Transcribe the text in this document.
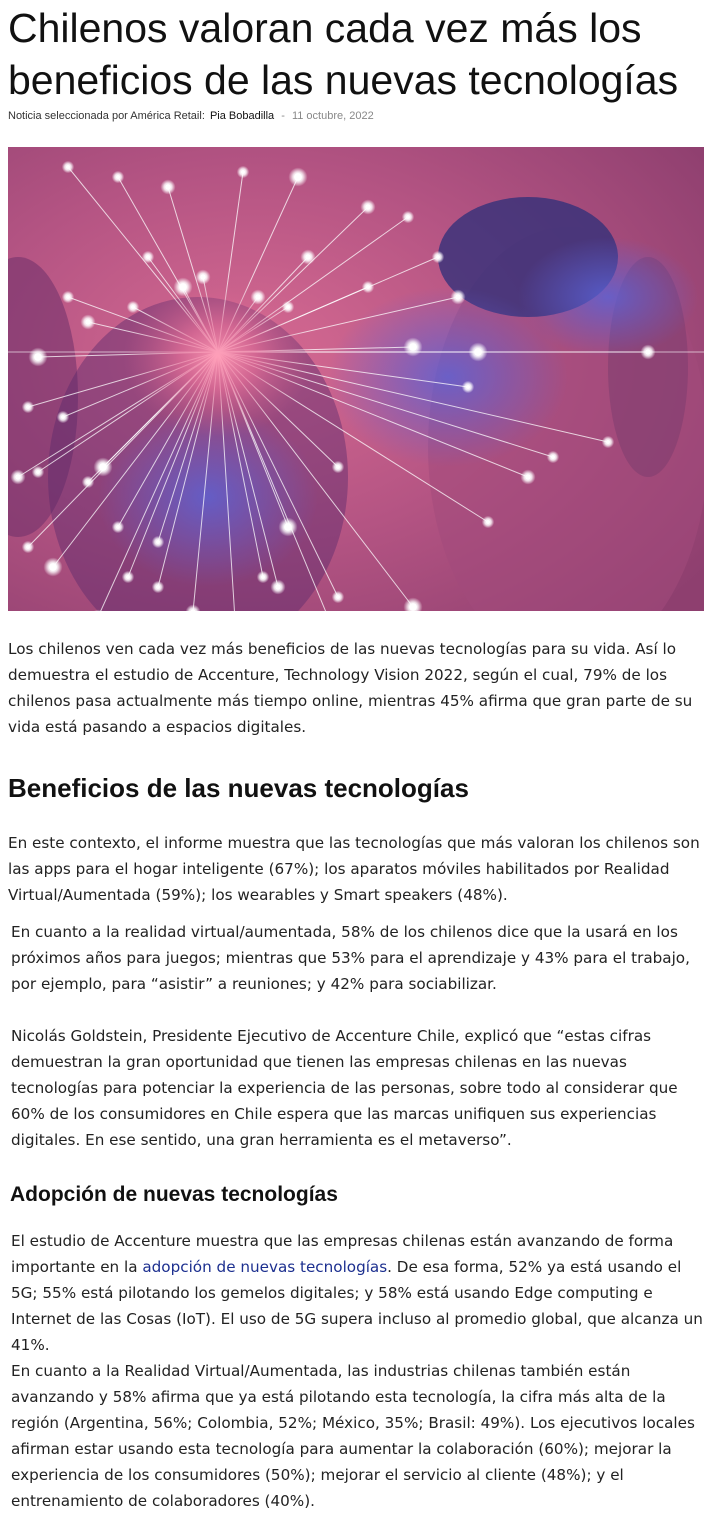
Chilenos valoran cada vez más los beneficios de las nuevas tecnologías
Noticia seleccionada por América Retail: Pia Bobadilla - 11 octubre, 2022

Los chilenos ven cada vez más beneficios de las nuevas tecnologías para su vida. Así lo demuestra el estudio de Accenture, Technology Vision 2022, según el cual, 79% de los chilenos pasa actualmente más tiempo online, mientras 45% afirma que gran parte de su vida está pasando a espacios digitales.

Beneficios de las nuevas tecnologías

En este contexto, el informe muestra que las tecnologías que más valoran los chilenos son las apps para el hogar inteligente (67%); los aparatos móviles habilitados por Realidad Virtual/Aumentada (59%); los wearables y Smart speakers (48%).

En cuanto a la realidad virtual/aumentada, 58% de los chilenos dice que la usará en los próximos años para juegos; mientras que 53% para el aprendizaje y 43% para el trabajo, por ejemplo, para “asistir” a reuniones; y 42% para sociabilizar.

Nicolás Goldstein, Presidente Ejecutivo de Accenture Chile, explicó que “estas cifras demuestran la gran oportunidad que tienen las empresas chilenas en las nuevas tecnologías para potenciar la experiencia de las personas, sobre todo al considerar que 60% de los consumidores en Chile espera que las marcas unifiquen sus experiencias digitales. En ese sentido, una gran herramienta es el metaverso”.

Adopción de nuevas tecnologías

El estudio de Accenture muestra que las empresas chilenas están avanzando de forma importante en la adopción de nuevas tecnologías. De esa forma, 52% ya está usando el 5G; 55% está pilotando los gemelos digitales; y 58% está usando Edge computing e Internet de las Cosas (IoT). El uso de 5G supera incluso al promedio global, que alcanza un 41%.

En cuanto a la Realidad Virtual/Aumentada, las industrias chilenas también están avanzando y 58% afirma que ya está pilotando esta tecnología, la cifra más alta de la región (Argentina, 56%; Colombia, 52%; México, 35%; Brasil: 49%). Los ejecutivos locales afirman estar usando esta tecnología para aumentar la colaboración (60%); mejorar la experiencia de los consumidores (50%); mejorar el servicio al cliente (48%); y el entrenamiento de colaboradores (40%).
